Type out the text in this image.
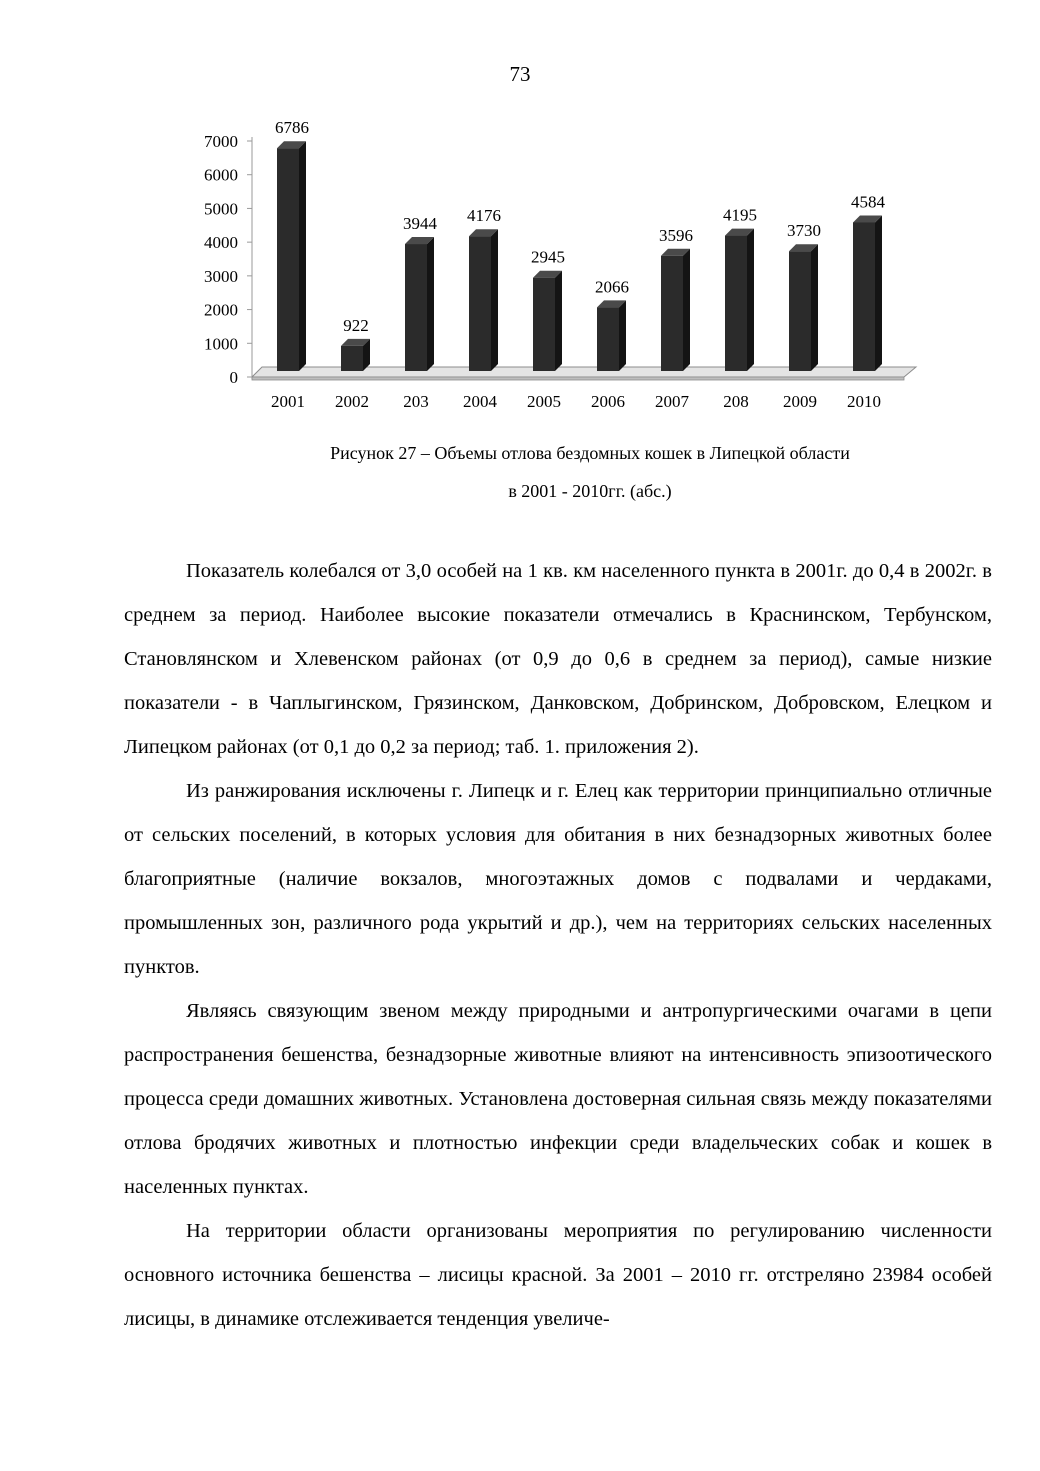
73
0
1000
2000
3000
4000
5000
6000
7000
6786
2001
922
2002
3944
203
4176
2004
2945
2005
2066
2006
3596
2007
4195
208
3730
2009
4584
2010
Рисунок 27 – Объемы отлова бездомных кошек в Липецкой области
в 2001 - 2010гг. (абс.)

Показатель колебался от 3,0 особей на 1 кв. км населенного пункта в 2001г. до 0,4 в 2002г. в среднем за период. Наиболее высокие показатели отмечались в Краснинском, Тербунском, Становлянском и Хлевенском районах (от 0,9 до 0,6 в среднем за период), самые низкие показатели - в Чаплыгинском, Грязинском, Данковском, Добринском, Добровском, Елецком и Липецком районах (от 0,1 до 0,2 за период; таб. 1. приложения 2).

Из ранжирования исключены г. Липецк и г. Елец как территории принципиально отличные от сельских поселений, в которых условия для обитания в них безнадзорных животных более благоприятные (наличие вокзалов, многоэтажных домов с подвалами и чердаками, промышленных зон, различного рода укрытий и др.), чем на территориях сельских населенных пунктов.

Являясь связующим звеном между природными и антропургическими очагами в цепи распространения бешенства, безнадзорные животные влияют на интенсивность эпизоотического процесса среди домашних животных. Установлена достоверная сильная связь между показателями отлова бродячих животных и плотностью инфекции среди владельческих собак и кошек в населенных пунктах.

На территории области организованы мероприятия по регулированию численности основного источника бешенства – лисицы красной. За 2001 – 2010 гг. отстреляно 23984 особей лисицы, в динамике отслеживается тенденция увеличе-
